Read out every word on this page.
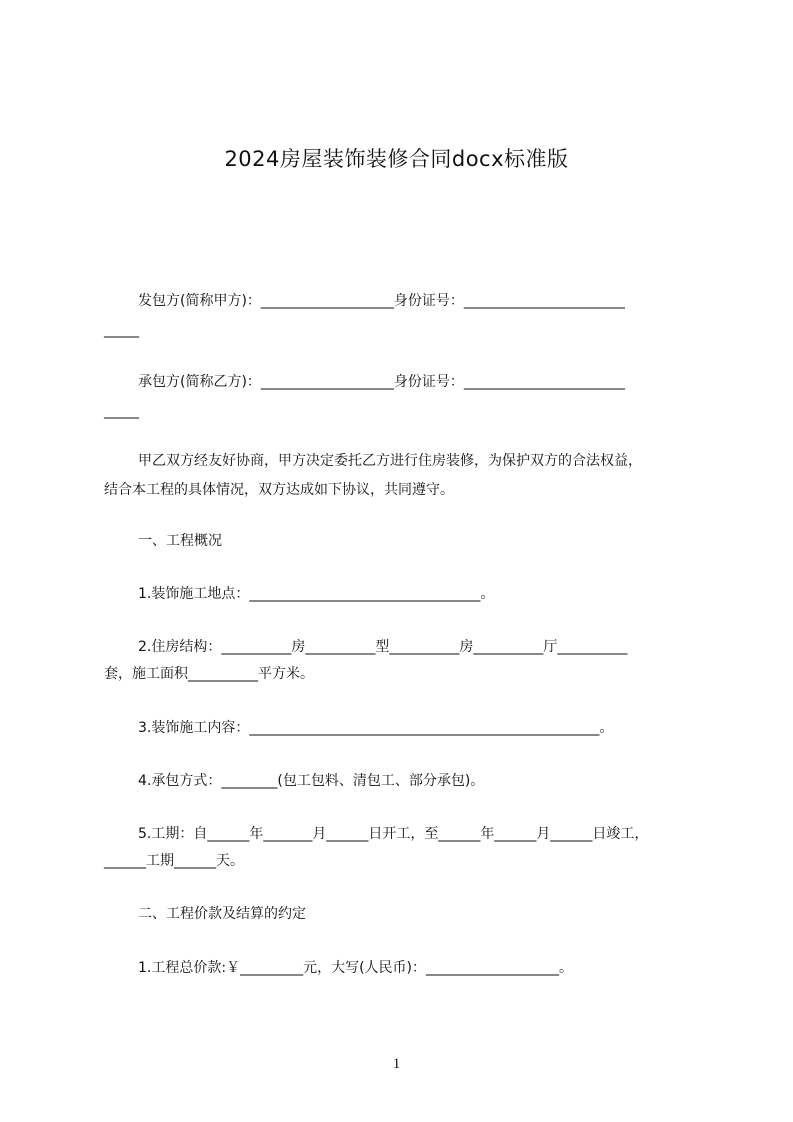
2024房屋装饰装修合同docx标准版
发包方(简称甲方)：___________________身份证号：_______________________
_____
承包方(简称乙方)：___________________身份证号：_______________________
_____
甲乙双方经友好协商，甲方决定委托乙方进行住房装修，为保护双方的合法权益，
结合本工程的具体情况，双方达成如下协议，共同遵守。
一、工程概况
1.装饰施工地点：_________________________________。
2.住房结构：__________房__________型__________房__________厅__________
套，施工面积__________平方米。
3.装饰施工内容：__________________________________________________。
4.承包方式：________(包工包料、清包工、部分承包)。
5.工期：自______年_______月______日开工，至______年______月______日竣工，
______工期______天。
二、工程价款及结算的约定
1.工程总价款:￥_________元，大写(人民币)：___________________。
1
